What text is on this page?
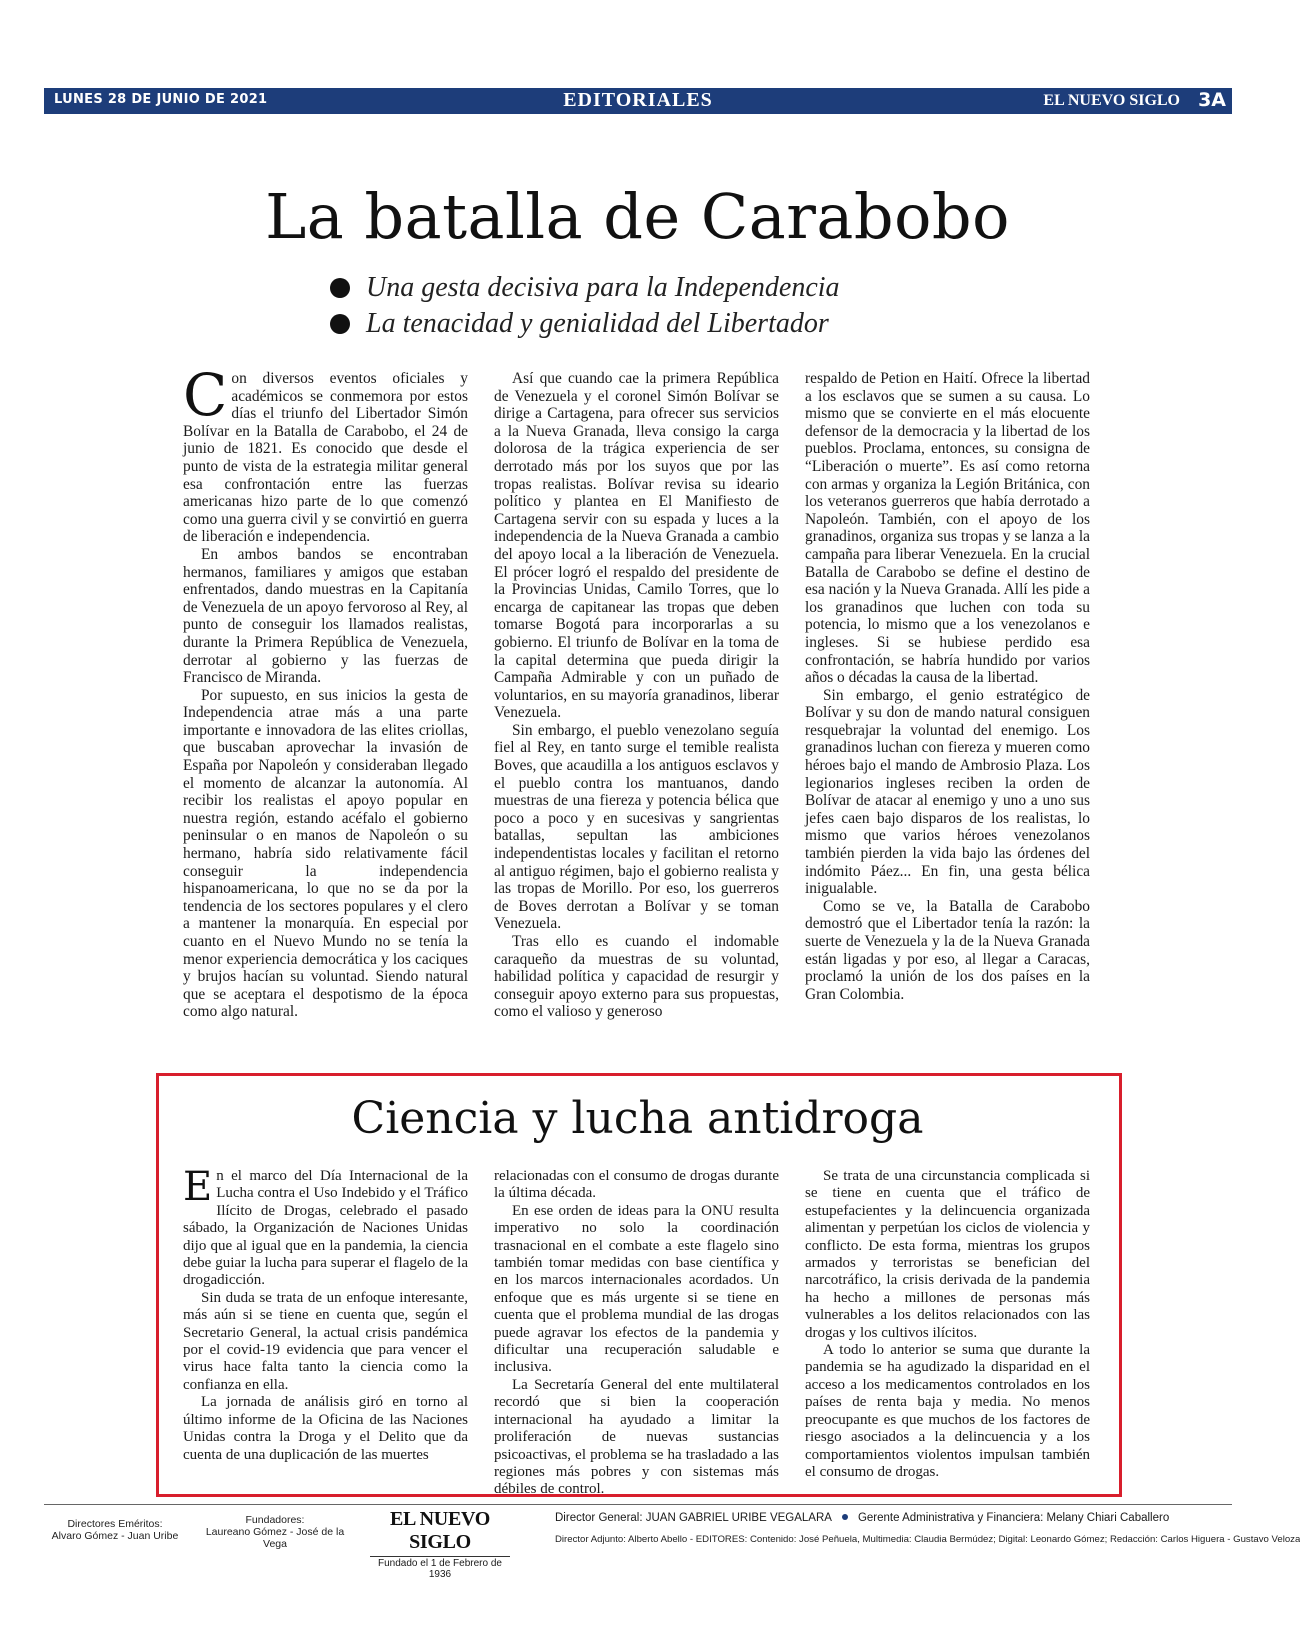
LUNES 28 DE JUNIO DE 2021	EDITORIALES	EL NUEVO SIGLO 3A
La batalla de Carabobo
Una gesta decisiva para la Independencia
La tenacidad y genialidad del Libertador

Con diversos eventos oficiales y académicos se conmemora por estos días el triunfo del Libertador Simón Bolívar en la Batalla de Carabobo, el 24 de junio de 1821. Es conocido que desde el punto de vista de la estrategia militar general esa confrontación entre las fuerzas americanas hizo parte de lo que comenzó como una guerra civil y se convirtió en guerra de liberación e independencia.

En ambos bandos se encontraban hermanos, familiares y amigos que estaban enfrentados, dando muestras en la Capitanía de Venezuela de un apoyo fervoroso al Rey, al punto de conseguir los llamados realistas, durante la Primera República de Venezuela, derrotar al gobierno y las fuerzas de Francisco de Miranda.

Por supuesto, en sus inicios la gesta de Independencia atrae más a una parte importante e innovadora de las elites criollas, que buscaban aprovechar la invasión de España por Napoleón y consideraban llegado el momento de alcanzar la autonomía. Al recibir los realistas el apoyo popular en nuestra región, estando acéfalo el gobierno peninsular o en manos de Napoleón o su hermano, habría sido relativamente fácil conseguir la independencia hispanoamericana, lo que no se da por la tendencia de los sectores populares y el clero a mantener la monarquía. En especial por cuanto en el Nuevo Mundo no se tenía la menor experiencia democrática y los caciques y brujos hacían su voluntad. Siendo natural que se aceptara el despotismo de la época como algo natural.

Así que cuando cae la primera República de Venezuela y el coronel Simón Bolívar se dirige a Cartagena, para ofrecer sus servicios a la Nueva Granada, lleva consigo la carga dolorosa de la trágica experiencia de ser derrotado más por los suyos que por las tropas realistas. Bolívar revisa su ideario político y plantea en El Manifiesto de Cartagena servir con su espada y luces a la independencia de la Nueva Granada a cambio del apoyo local a la liberación de Venezuela. El prócer logró el respaldo del presidente de la Provincias Unidas, Camilo Torres, que lo encarga de capitanear las tropas que deben tomarse Bogotá para incorporarlas a su gobierno. El triunfo de Bolívar en la toma de la capital determina que pueda dirigir la Campaña Admirable y con un puñado de voluntarios, en su mayoría granadinos, liberar Venezuela.

Sin embargo, el pueblo venezolano seguía fiel al Rey, en tanto surge el temible realista Boves, que acaudilla a los antiguos esclavos y el pueblo contra los mantuanos, dando muestras de una fiereza y potencia bélica que poco a poco y en sucesivas y sangrientas batallas, sepultan las ambiciones independentistas locales y facilitan el retorno al antiguo régimen, bajo el gobierno realista y las tropas de Morillo. Por eso, los guerreros de Boves derrotan a Bolívar y se toman Venezuela.

Tras ello es cuando el indomable caraqueño da muestras de su voluntad, habilidad política y capacidad de resurgir y conseguir apoyo externo para sus propuestas, como el valioso y generoso

respaldo de Petion en Haití. Ofrece la libertad a los esclavos que se sumen a su causa. Lo mismo que se convierte en el más elocuente defensor de la democracia y la libertad de los pueblos. Proclama, entonces, su consigna de “Liberación o muerte”. Es así como retorna con armas y organiza la Legión Británica, con los veteranos guerreros que había derrotado a Napoleón. También, con el apoyo de los granadinos, organiza sus tropas y se lanza a la campaña para liberar Venezuela. En la crucial Batalla de Carabobo se define el destino de esa nación y la Nueva Granada. Allí les pide a los granadinos que luchen con toda su potencia, lo mismo que a los venezolanos e ingleses. Si se hubiese perdido esa confrontación, se habría hundido por varios años o décadas la causa de la libertad.

Sin embargo, el genio estratégico de Bolívar y su don de mando natural consiguen resquebrajar la voluntad del enemigo. Los granadinos luchan con fiereza y mueren como héroes bajo el mando de Ambrosio Plaza. Los legionarios ingleses reciben la orden de Bolívar de atacar al enemigo y uno a uno sus jefes caen bajo disparos de los realistas, lo mismo que varios héroes venezolanos también pierden la vida bajo las órdenes del indómito Páez... En fin, una gesta bélica inigualable.

Como se ve, la Batalla de Carabobo demostró que el Libertador tenía la razón: la suerte de Venezuela y la de la Nueva Granada están ligadas y por eso, al llegar a Caracas, proclamó la unión de los dos países en la Gran Colombia.

Ciencia y lucha antidroga

En el marco del Día Internacional de la Lucha contra el Uso Indebido y el Tráfico Ilícito de Drogas, celebrado el pasado sábado, la Organización de Naciones Unidas dijo que al igual que en la pandemia, la ciencia debe guiar la lucha para superar el flagelo de la drogadicción.

Sin duda se trata de un enfoque interesante, más aún si se tiene en cuenta que, según el Secretario General, la actual crisis pandémica por el covid-19 evidencia que para vencer el virus hace falta tanto la ciencia como la confianza en ella.

La jornada de análisis giró en torno al último informe de la Oficina de las Naciones Unidas contra la Droga y el Delito que da cuenta de una duplicación de las muertes

relacionadas con el consumo de drogas durante la última década.

En ese orden de ideas para la ONU resulta imperativo no solo la coordinación trasnacional en el combate a este flagelo sino también tomar medidas con base científica y en los marcos internacionales acordados. Un enfoque que es más urgente si se tiene en cuenta que el problema mundial de las drogas puede agravar los efectos de la pandemia y dificultar una recuperación saludable e inclusiva.

La Secretaría General del ente multilateral recordó que si bien la cooperación internacional ha ayudado a limitar la proliferación de nuevas sustancias psicoactivas, el problema se ha trasladado a las regiones más pobres y con sistemas más débiles de control.

Se trata de una circunstancia complicada si se tiene en cuenta que el tráfico de estupefacientes y la delincuencia organizada alimentan y perpetúan los ciclos de violencia y conflicto. De esta forma, mientras los grupos armados y terroristas se benefician del narcotráfico, la crisis derivada de la pandemia ha hecho a millones de personas más vulnerables a los delitos relacionados con las drogas y los cultivos ilícitos.

A todo lo anterior se suma que durante la pandemia se ha agudizado la disparidad en el acceso a los medicamentos controlados en los países de renta baja y media. No menos preocupante es que muchos de los factores de riesgo asociados a la delincuencia y a los comportamientos violentos impulsan también el consumo de drogas.

Directores Eméritos:
Alvaro Gómez - Juan Uribe
Fundadores:
Laureano Gómez - José de la Vega
EL NUEVO SIGLO
Fundado el 1 de Febrero de 1936
Director General: JUAN GABRIEL URIBE VEGALARA Gerente Administrativa y Financiera: Melany Chiari Caballero
Director Adjunto: Alberto Abello - EDITORES: Contenido: José Peñuela, Multimedia: Claudia Bermúdez; Digital: Leonardo Gómez; Redacción: Carlos Higuera - Gustavo Veloza
